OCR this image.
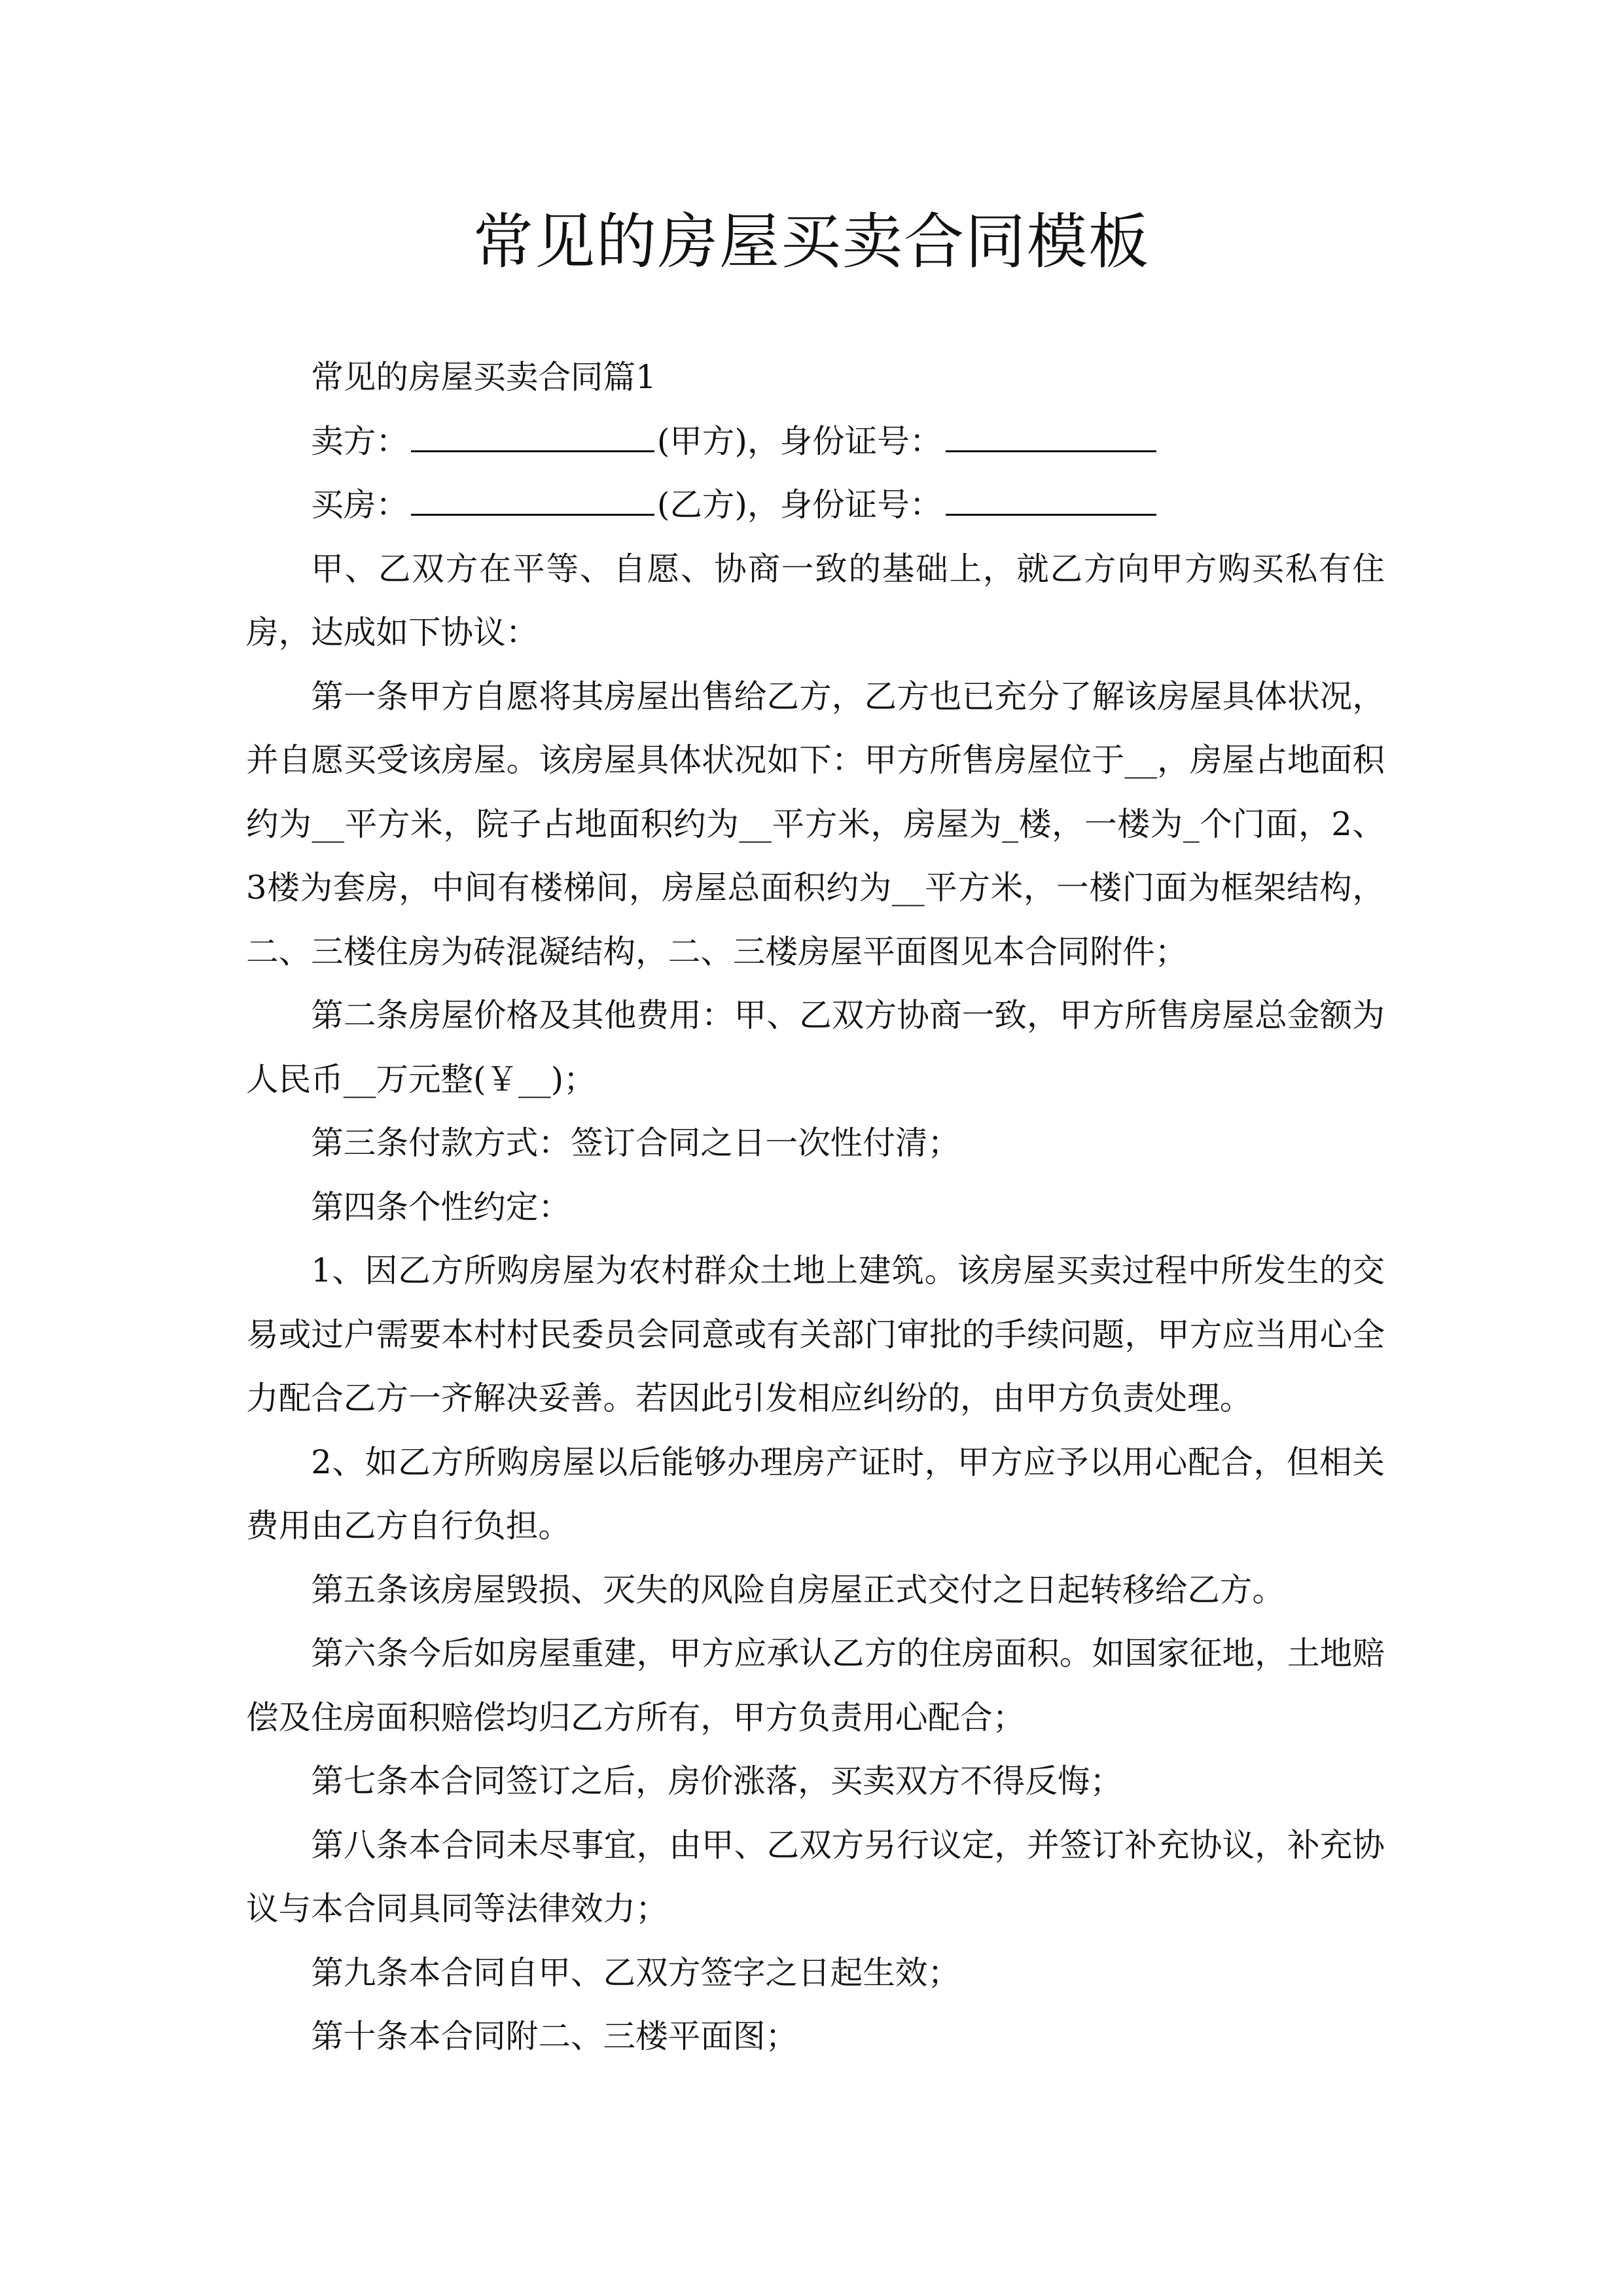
常见的房屋买卖合同模板

常见的房屋买卖合同篇1

卖方：	(甲方)，身份证号：

买房：	(乙方)，身份证号：

甲、乙双方在平等、自愿、协商一致的基础上，就乙方向甲方购买私有住房，达成如下协议：

第一条甲方自愿将其房屋出售给乙方，乙方也已充分了解该房屋具体状况，并自愿买受该房屋。该房屋具体状况如下：甲方所售房屋位于__，房屋占地面积约为__平方米，院子占地面积约为__平方米，房屋为_楼，一楼为_个门面，2、3楼为套房，中间有楼梯间，房屋总面积约为__平方米，一楼门面为框架结构，二、三楼住房为砖混凝结构，二、三楼房屋平面图见本合同附件；

第二条房屋价格及其他费用：甲、乙双方协商一致，甲方所售房屋总金额为人民币__万元整(￥__)；

第三条付款方式：签订合同之日一次性付清；

第四条个性约定：

1、因乙方所购房屋为农村群众土地上建筑。该房屋买卖过程中所发生的交易或过户需要本村村民委员会同意或有关部门审批的手续问题，甲方应当用心全力配合乙方一齐解决妥善。若因此引发相应纠纷的，由甲方负责处理。

2、如乙方所购房屋以后能够办理房产证时，甲方应予以用心配合，但相关费用由乙方自行负担。

第五条该房屋毁损、灭失的风险自房屋正式交付之日起转移给乙方。

第六条今后如房屋重建，甲方应承认乙方的住房面积。如国家征地，土地赔偿及住房面积赔偿均归乙方所有，甲方负责用心配合；

第七条本合同签订之后，房价涨落，买卖双方不得反悔；

第八条本合同未尽事宜，由甲、乙双方另行议定，并签订补充协议，补充协议与本合同具同等法律效力；

第九条本合同自甲、乙双方签字之日起生效；

第十条本合同附二、三楼平面图；
